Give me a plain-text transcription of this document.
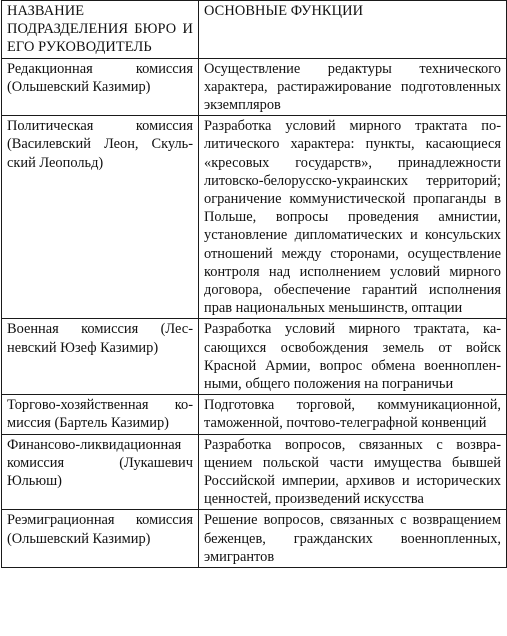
НАЗВАНИЕ ПОДРАЗДЕЛЕНИЯ БЮРО И ЕГО РУКОВОДИТЕЛЬ	ОСНОВНЫЕ ФУНКЦИИ
Редакционная комиссия (Ольшевский Казимир)	Осуществление редактуры технического характера, растиражирование подготовленных экземпляров
Политическая комиссия (Василевский Леон, Скульский Леопольд)	Разработка условий мирного трактата политического характера: пункты, касающиеся «кресовых государств», принадлежности литовско-белорусско-украинских территорий; ограничение коммунистической пропаганды в Польше, вопросы проведения амнистии, установление дипломатических и консульских отношений между сторонами, осуществление контроля над исполнением условий мирного договора, обеспечение гарантий исполнения прав национальных меньшинств, оптации
Военная комиссия (Лесневский Юзеф Казимир)	Разработка условий мирного трактата, касающихся освобождения земель от войск Красной Армии, вопрос обмена военнопленными, общего положения на пограничьи
Торгово-хозяйственная комиссия (Бартель Казимир)	Подготовка торговой, коммуникационной, таможенной, почтово-телеграфной конвенций
Финансово-ликвидационная комиссия (Лукашевич Юльюш)	Разработка вопросов, связанных с возвращением польской части имущества бывшей Российской империи, архивов и исторических ценностей, произведений искусства
Реэмиграционная комиссия (Ольшевский Казимир)	Решение вопросов, связанных с возвращением беженцев, гражданских военнопленных, эмигрантов
